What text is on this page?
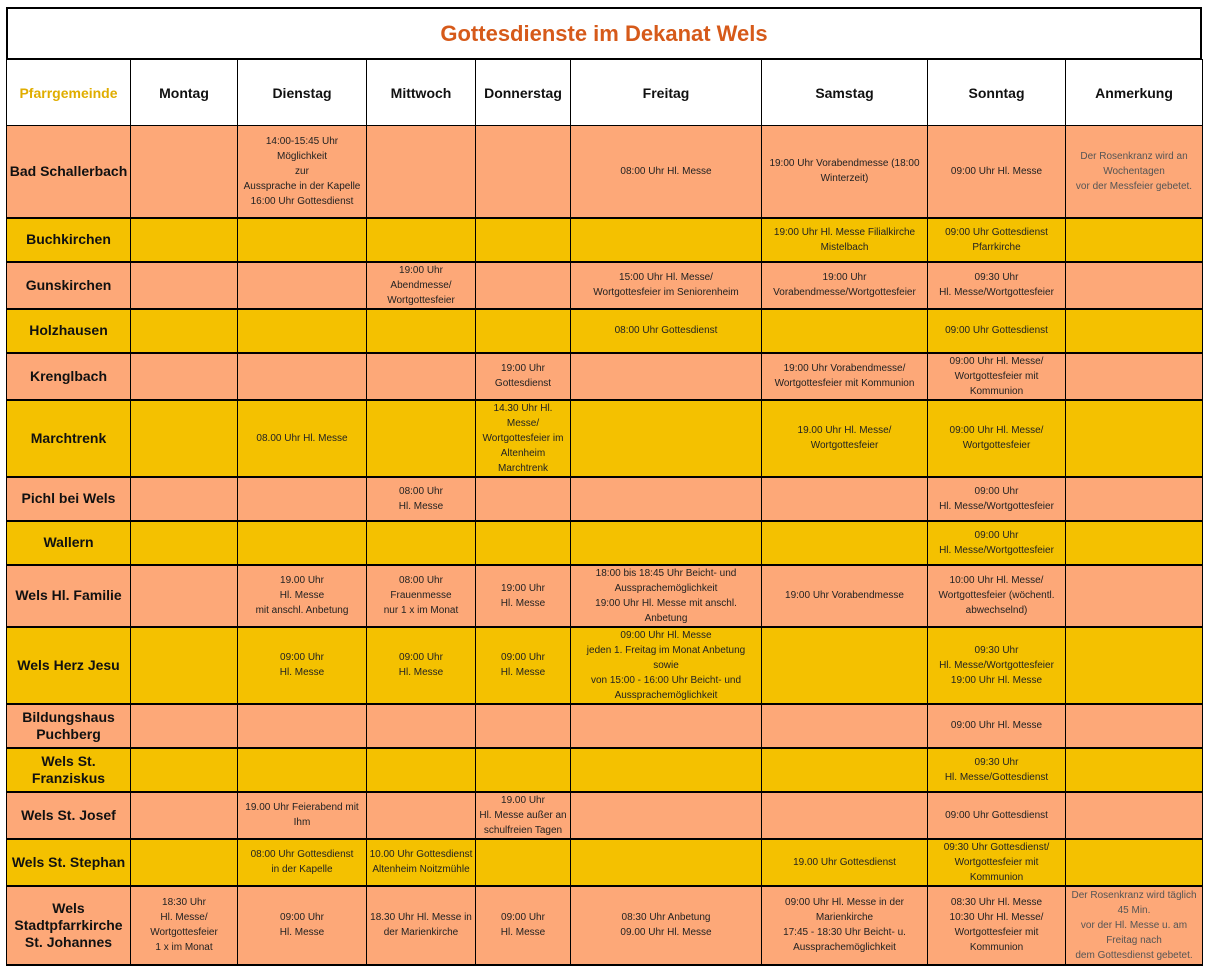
Gottesdienste im Dekanat Wels
Pfarrgemeinde	Montag	Dienstag	Mittwoch	Donnerstag	Freitag	Samstag	Sonntag	Anmerkung

Bad Schallerbach		14:00-15:45 Uhr Möglichkeit
zur
Aussprache in der Kapelle
16:00 Uhr Gottesdienst			08:00 Uhr Hl. Messe	19:00 Uhr Vorabendmesse (18:00
Winterzeit)	09:00 Uhr Hl. Messe	Der Rosenkranz wird an
Wochentagen
vor der Messfeier gebetet.

Buchkirchen						19:00 Uhr Hl. Messe Filialkirche
Mistelbach	09:00 Uhr Gottesdienst
Pfarrkirche	

Gunskirchen			19:00 Uhr
Abendmesse/
Wortgottesfeier		15:00 Uhr Hl. Messe/
Wortgottesfeier im Seniorenheim	19:00 Uhr
Vorabendmesse/Wortgottesfeier	09:30 Uhr
Hl. Messe/Wortgottesfeier	

Holzhausen					08:00 Uhr Gottesdienst		09:00 Uhr Gottesdienst	

Krenglbach				19:00 Uhr
Gottesdienst		19:00 Uhr Vorabendmesse/
Wortgottesfeier mit Kommunion	09:00 Uhr Hl. Messe/
Wortgottesfeier mit
Kommunion	

Marchtrenk		08.00 Uhr Hl. Messe		14.30 Uhr Hl. Messe/
Wortgottesfeier im
Altenheim
Marchtrenk		19.00 Uhr Hl. Messe/
Wortgottesfeier	09:00 Uhr Hl. Messe/
Wortgottesfeier	

Pichl bei Wels			08:00 Uhr
Hl. Messe				09:00 Uhr
Hl. Messe/Wortgottesfeier	

Wallern							09:00 Uhr
Hl. Messe/Wortgottesfeier	

Wels Hl. Familie		19.00 Uhr
Hl. Messe
mit anschl. Anbetung	08:00 Uhr Frauenmesse
nur 1 x im Monat	19:00 Uhr
Hl. Messe	18:00 bis 18:45 Uhr Beicht- und
Aussprachemöglichkeit
19:00 Uhr Hl. Messe mit anschl. Anbetung	19:00 Uhr Vorabendmesse	10:00 Uhr Hl. Messe/
Wortgottesfeier (wöchentl.
abwechselnd)	

Wels Herz Jesu		09:00 Uhr
Hl. Messe	09:00 Uhr
Hl. Messe	09:00 Uhr
Hl. Messe	09:00 Uhr Hl. Messe
jeden 1. Freitag im Monat Anbetung sowie
von 15:00 - 16:00 Uhr Beicht- und
Aussprachemöglichkeit		09:30 Uhr
Hl. Messe/Wortgottesfeier
19:00 Uhr Hl. Messe	

Bildungshaus
Puchberg							09:00 Uhr Hl. Messe	

Wels St.
Franziskus							09:30 Uhr
Hl. Messe/Gottesdienst	

Wels St. Josef		19.00 Uhr Feierabend mit
Ihm		19.00 Uhr
Hl. Messe außer an
schulfreien Tagen			09:00 Uhr Gottesdienst	

Wels St. Stephan		08:00 Uhr Gottesdienst
in der Kapelle	10.00 Uhr Gottesdienst
Altenheim Noitzmühle			19.00 Uhr Gottesdienst	09:30 Uhr Gottesdienst/
Wortgottesfeier mit
Kommunion	

Wels
Stadtpfarrkirche
St. Johannes	18:30 Uhr
Hl. Messe/
Wortgottesfeier
1 x im Monat	09:00 Uhr
Hl. Messe	18.30 Uhr Hl. Messe in
der Marienkirche	09:00 Uhr
Hl. Messe	08:30 Uhr Anbetung
09.00 Uhr Hl. Messe	09:00 Uhr Hl. Messe in der
Marienkirche
17:45 - 18:30 Uhr Beicht- u.
Aussprachemöglichkeit	08:30 Uhr Hl. Messe
10:30 Uhr Hl. Messe/
Wortgottesfeier mit
Kommunion	Der Rosenkranz wird täglich
45 Min.
vor der Hl. Messe u. am
Freitag nach
dem Gottesdienst gebetet.
